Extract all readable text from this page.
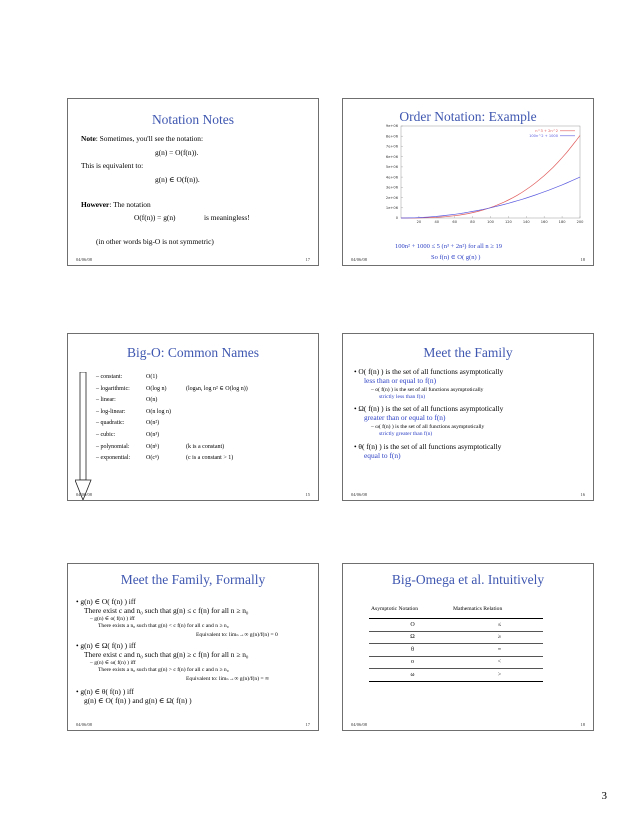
Notation Notes
Note: Sometimes, you'll see the notation:
g(n) = O(f(n)).
This is equivalent to:
g(n) ∈ O(f(n)).
However: The notation
O(f(n)) = g(n)	is meaningless!
(in other words big-O is not symmetric)
04/06/08	17
Order Notation: Example
0
1e+06
2e+06
3e+06
4e+06
5e+06
6e+06
7e+06
8e+06
9e+06
20	40	60	80	100	120	140	160	180	200
n^3 + 2n^2
100n^2 + 1000
100n² + 1000 ≤ 5 (n³ + 2n²) for all n ≥ 19
So f(n) ∈ O( g(n) )
04/06/08	18
Big-O: Common Names
– constant:	O(1)
– logarithmic:	O(log n)	(logₖn, log n² ∈ O(log n))
– linear:	O(n)
– log-linear:	O(n log n)
– quadratic:	O(n²)
– cubic:	O(n³)
– polynomial:	O(nᵏ)	(k is a constant)
– exponential:	O(cⁿ)	(c is a constant > 1)
04/06/08	15
Meet the Family
• O( f(n) ) is the set of all functions asymptotically
less than or equal to f(n)
– o( f(n) ) is the set of all functions asymptotically
strictly less than f(n)
• Ω( f(n) ) is the set of all functions asymptotically
greater than or equal to f(n)
– ω( f(n) ) is the set of all functions asymptotically
strictly greater than f(n)
• θ( f(n) ) is the set of all functions asymptotically
equal to f(n)
04/06/08	16
Meet the Family, Formally
• g(n) ∈ O( f(n) ) iff
There exist c and n₀ such that g(n) ≤ c f(n) for all n ≥ n₀
– g(n) ∈ o( f(n) ) iff
There exists a n₀ such that g(n) < c f(n) for all c and n ≥ n₀
Equivalent to: limₙ→∞ g(n)/f(n) = 0
• g(n) ∈ Ω( f(n) ) iff
There exist c and n₀ such that g(n) ≥ c f(n) for all n ≥ n₀
– g(n) ∈ ω( f(n) ) iff
There exists a n₀ such that g(n) > c f(n) for all c and n ≥ n₀
Equivalent to: limₙ→∞ g(n)/f(n) = ∞
• g(n) ∈ θ( f(n) ) iff
g(n) ∈ O( f(n) ) and g(n) ∈ Ω( f(n) )
04/06/08	17
Big-Omega et al. Intuitively
Asymptotic Notation	Mathematics Relation
O	≤
Ω	≥
θ	=
o	<
ω	>
04/06/08	18
3
